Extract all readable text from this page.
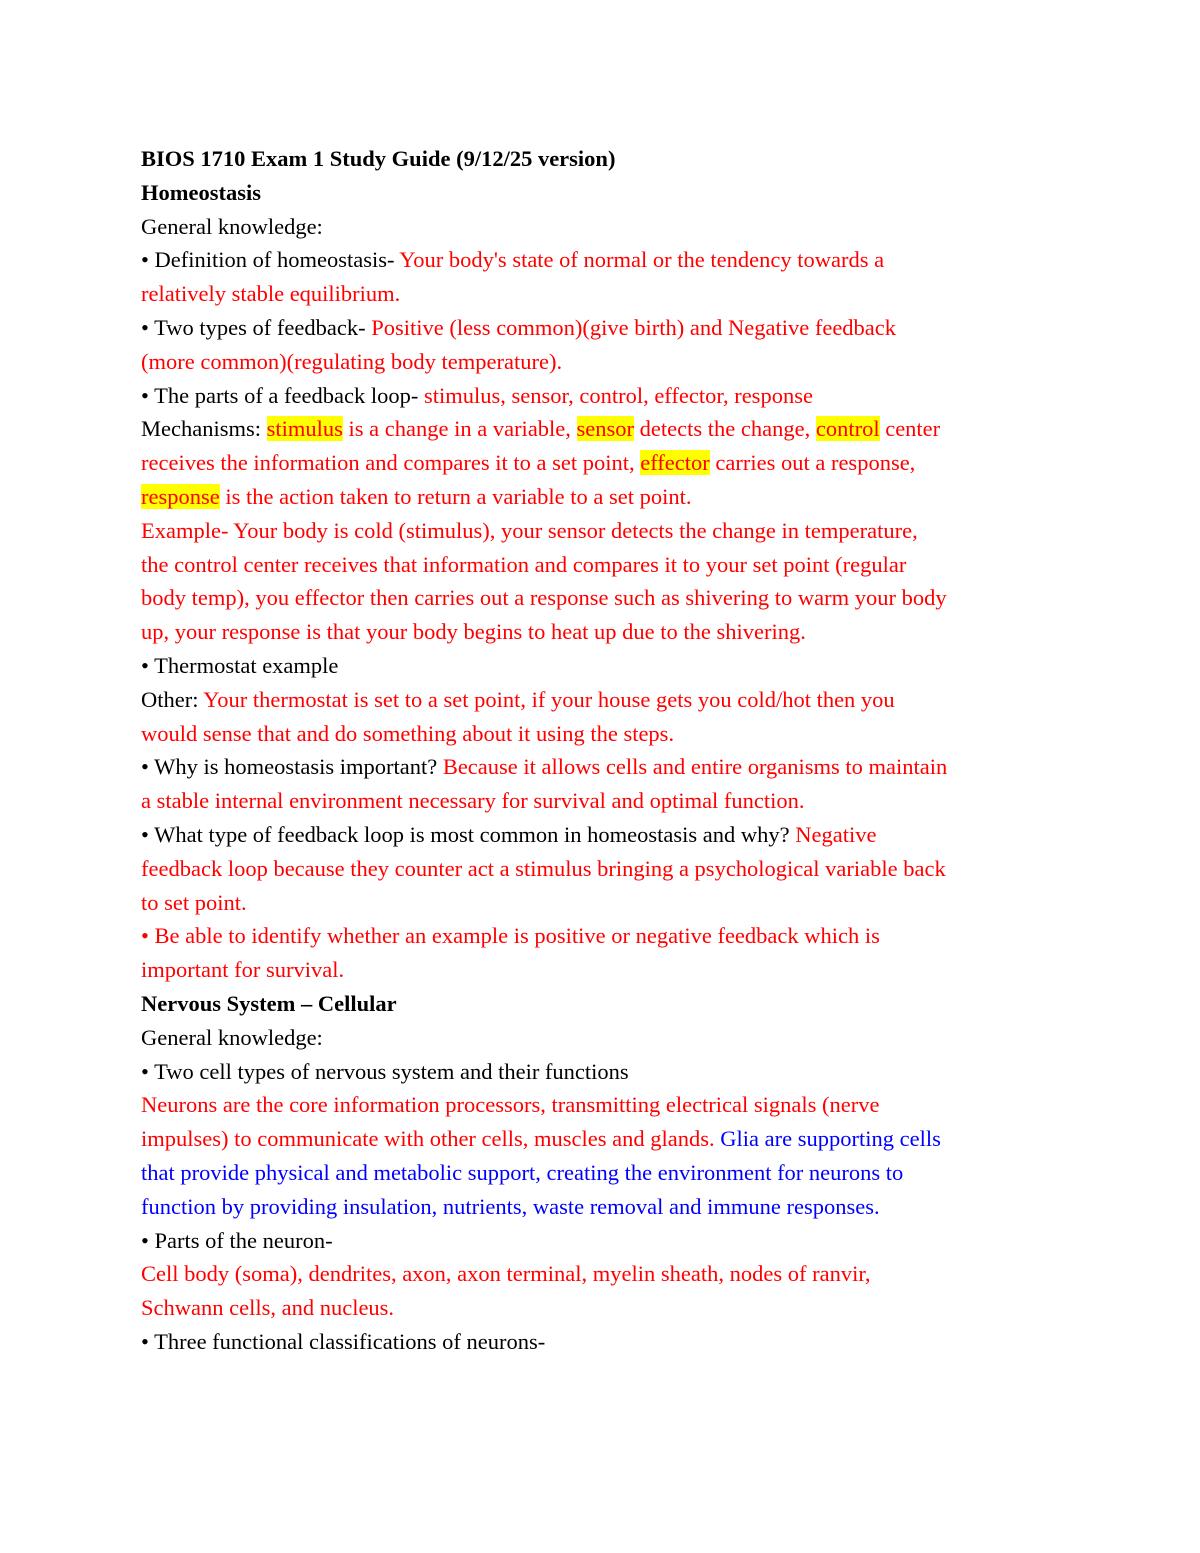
BIOS 1710 Exam 1 Study Guide (9/12/25 version)

Homeostasis

General knowledge:

• Definition of homeostasis- Your body's state of normal or the tendency towards a

relatively stable equilibrium.

• Two types of feedback- Positive (less common)(give birth) and Negative feedback

(more common)(regulating body temperature).

• The parts of a feedback loop- stimulus, sensor, control, effector, response

Mechanisms: stimulus is a change in a variable, sensor detects the change, control center

receives the information and compares it to a set point, effector carries out a response,

response is the action taken to return a variable to a set point.

Example- Your body is cold (stimulus), your sensor detects the change in temperature,

the control center receives that information and compares it to your set point (regular

body temp), you effector then carries out a response such as shivering to warm your body

up, your response is that your body begins to heat up due to the shivering.

• Thermostat example

Other: Your thermostat is set to a set point, if your house gets you cold/hot then you

would sense that and do something about it using the steps.

• Why is homeostasis important? Because it allows cells and entire organisms to maintain

a stable internal environment necessary for survival and optimal function.

• What type of feedback loop is most common in homeostasis and why? Negative

feedback loop because they counter act a stimulus bringing a psychological variable back

to set point.

• Be able to identify whether an example is positive or negative feedback which is

important for survival.

Nervous System – Cellular

General knowledge:

• Two cell types of nervous system and their functions

Neurons are the core information processors, transmitting electrical signals (nerve

impulses) to communicate with other cells, muscles and glands. Glia are supporting cells

that provide physical and metabolic support, creating the environment for neurons to

function by providing insulation, nutrients, waste removal and immune responses.

• Parts of the neuron-

Cell body (soma), dendrites, axon, axon terminal, myelin sheath, nodes of ranvir,

Schwann cells, and nucleus.

• Three functional classifications of neurons-
